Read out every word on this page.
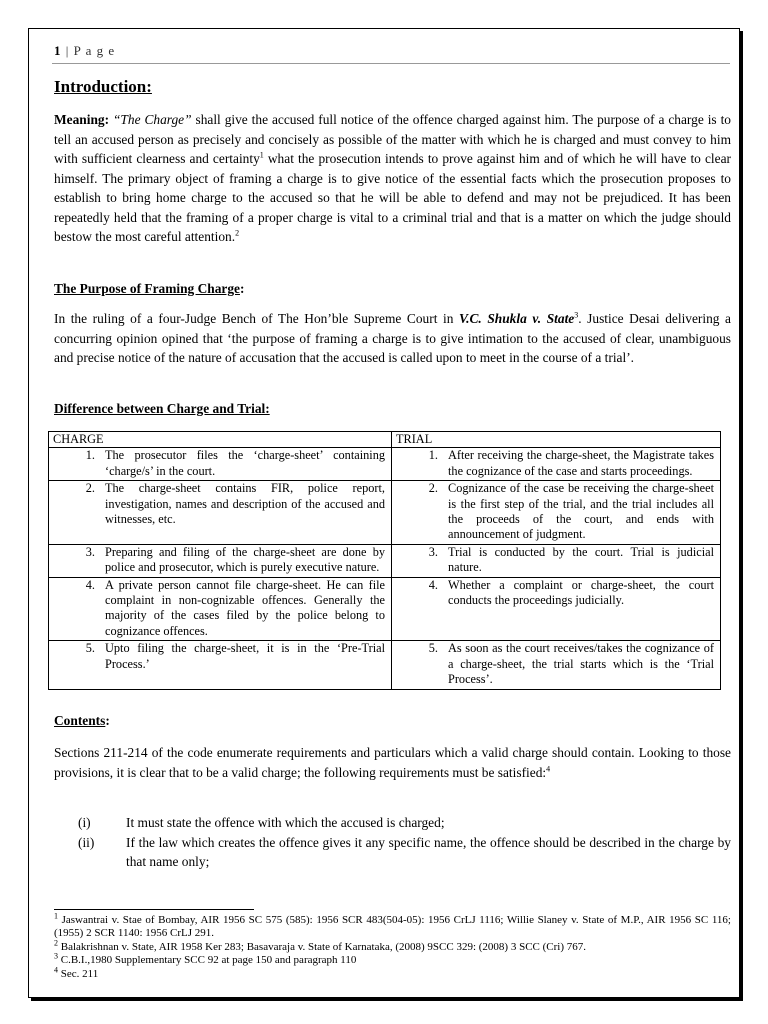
1 | P a g e
Introduction:

Meaning: “The Charge” shall give the accused full notice of the offence charged against him. The purpose of a charge is to tell an accused person as precisely and concisely as possible of the matter with which he is charged and must convey to him with sufficient clearness and certainty$^1$ what the prosecution intends to prove against him and of which he will have to clear himself. The primary object of framing a charge is to give notice of the essential facts which the prosecution proposes to establish to bring home charge to the accused so that he will be able to defend and may not be prejudiced. It has been repeatedly held that the framing of a proper charge is vital to a criminal trial and that is a matter on which the judge should bestow the most careful attention.$^2$

The Purpose of Framing Charge:

In the ruling of a four-Judge Bench of The Hon’ble Supreme Court in V.C. Shukla v. State$^3$. Justice Desai delivering a concurring opinion opined that ‘the purpose of framing a charge is to give intimation to the accused of clear, unambiguous and precise notice of the nature of accusation that the accused is called upon to meet in the course of a trial’.

Difference between Charge and Trial:
CHARGE	TRIAL

1. The prosecutor files the ‘charge-sheet’ containing ‘charge/s’ in the court.	1. After receiving the charge-sheet, the Magistrate takes the cognizance of the case and starts proceedings.

2. The charge-sheet contains FIR, police report, investigation, names and description of the accused and witnesses, etc.	2. Cognizance of the case be receiving the charge-sheet is the first step of the trial, and the trial includes all the proceeds of the court, and ends with announcement of judgment.

3. Preparing and filing of the charge-sheet are done by police and prosecutor, which is purely executive nature.	3. Trial is conducted by the court. Trial is judicial nature.

4. A private person cannot file charge-sheet. He can file complaint in non-cognizable offences. Generally the majority of the cases filed by the police belong to cognizance offences.	4. Whether a complaint or charge-sheet, the court conducts the proceedings judicially.

5. Upto filing the charge-sheet, it is in the ‘Pre-Trial Process.’	5. As soon as the court receives/takes the cognizance of a charge-sheet, the trial starts which is the ‘Trial Process’.
Contents:

Sections 211-214 of the code enumerate requirements and particulars which a valid charge should contain. Looking to those provisions, it is clear that to be a valid charge; the following requirements must be satisfied:$^4$

(i)	It must state the offence with which the accused is charged;
(ii)	If the law which creates the offence gives it any specific name, the offence should be described in the charge by that name only;
$^1$ Jaswantrai v. Stae of Bombay, AIR 1956 SC 575 (585): 1956 SCR 483(504-05): 1956 CrLJ 1116; Willie Slaney v. State of M.P., AIR 1956 SC 116; (1955) 2 SCR 1140: 1956 CrLJ 291.
$^2$ Balakrishnan v. State, AIR 1958 Ker 283; Basavaraja v. State of Karnataka, (2008) 9SCC 329: (2008) 3 SCC (Cri) 767.
$^3$ C.B.I.,1980 Supplementary SCC 92 at page 150 and paragraph 110
$^4$ Sec. 211
